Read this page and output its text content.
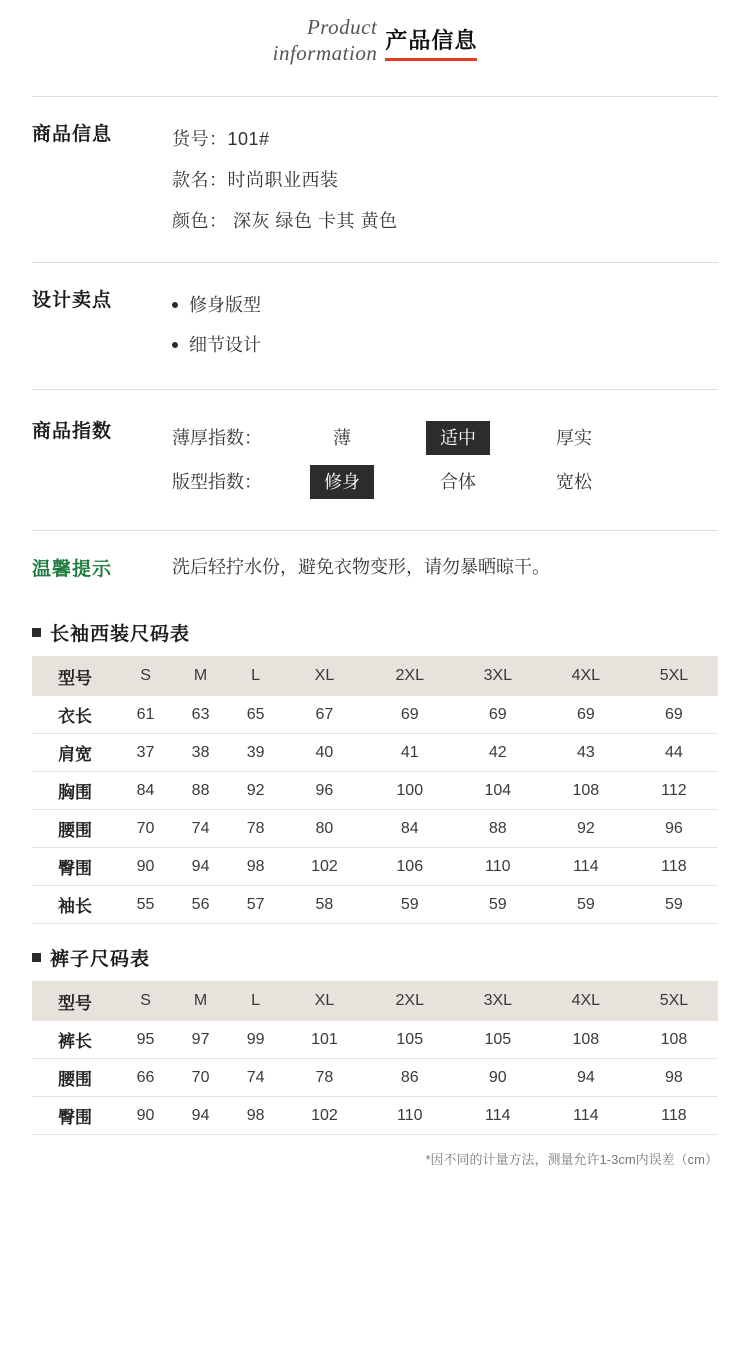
Product
information 产品信息
商品信息	货号：101#
款名：时尚职业西装
颜色： 深灰 绿色 卡其 黄色
设计卖点	修身版型
细节设计
商品指数	薄厚指数：	薄	适中	厚实
版型指数：	修身	合体	宽松
温馨提示	洗后轻拧水份，避免衣物变形，请勿暴晒晾干。
长袖西装尺码表
型号	S	M	L	XL	2XL	3XL	4XL	5XL
衣长	61	63	65	67	69	69	69	69
肩宽	37	38	39	40	41	42	43	44
胸围	84	88	92	96	100	104	108	112
腰围	70	74	78	80	84	88	92	96
臀围	90	94	98	102	106	110	114	118
袖长	55	56	57	58	59	59	59	59
裤子尺码表
型号	S	M	L	XL	2XL	3XL	4XL	5XL
裤长	95	97	99	101	105	105	108	108
腰围	66	70	74	78	86	90	94	98
臀围	90	94	98	102	110	114	114	118
*因不同的计量方法，测量允许1-3cm内误差（cm）
